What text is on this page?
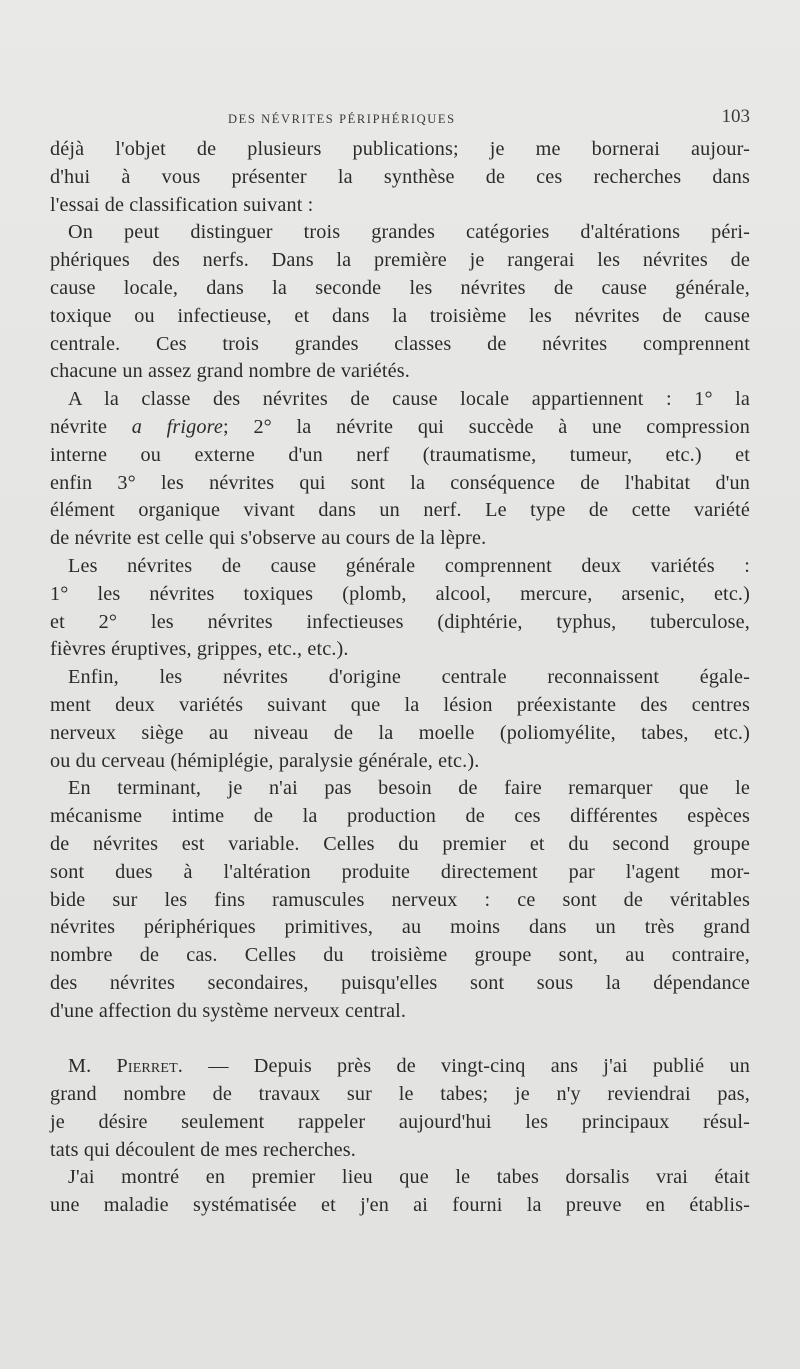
DES NÉVRITES PÉRIPHÉRIQUES	103
déjà l'objet de plusieurs publications; je me bornerai aujour-
d'hui à vous présenter la synthèse de ces recherches dans
l'essai de classification suivant :
On peut distinguer trois grandes catégories d'altérations péri-
phériques des nerfs. Dans la première je rangerai les névrites de
cause locale, dans la seconde les névrites de cause générale,
toxique ou infectieuse, et dans la troisième les névrites de cause
centrale. Ces trois grandes classes de névrites comprennent
chacune un assez grand nombre de variétés.
A la classe des névrites de cause locale appartiennent : 1° la
névrite a frigore; 2° la névrite qui succède à une compression
interne ou externe d'un nerf (traumatisme, tumeur, etc.) et
enfin 3° les névrites qui sont la conséquence de l'habitat d'un
élément organique vivant dans un nerf. Le type de cette variété
de névrite est celle qui s'observe au cours de la lèpre.
Les névrites de cause générale comprennent deux variétés :
1° les névrites toxiques (plomb, alcool, mercure, arsenic, etc.)
et 2° les névrites infectieuses (diphtérie, typhus, tuberculose,
fièvres éruptives, grippes, etc., etc.).
Enfin, les névrites d'origine centrale reconnaissent égale-
ment deux variétés suivant que la lésion préexistante des centres
nerveux siège au niveau de la moelle (poliomyélite, tabes, etc.)
ou du cerveau (hémiplégie, paralysie générale, etc.).
En terminant, je n'ai pas besoin de faire remarquer que le
mécanisme intime de la production de ces différentes espèces
de névrites est variable. Celles du premier et du second groupe
sont dues à l'altération produite directement par l'agent mor-
bide sur les fins ramuscules nerveux : ce sont de véritables
névrites périphériques primitives, au moins dans un très grand
nombre de cas. Celles du troisième groupe sont, au contraire,
des névrites secondaires, puisqu'elles sont sous la dépendance
d'une affection du système nerveux central.
M. Pierret. — Depuis près de vingt-cinq ans j'ai publié un
grand nombre de travaux sur le tabes; je n'y reviendrai pas,
je désire seulement rappeler aujourd'hui les principaux résul-
tats qui découlent de mes recherches.
J'ai montré en premier lieu que le tabes dorsalis vrai était
une maladie systématisée et j'en ai fourni la preuve en établis-
